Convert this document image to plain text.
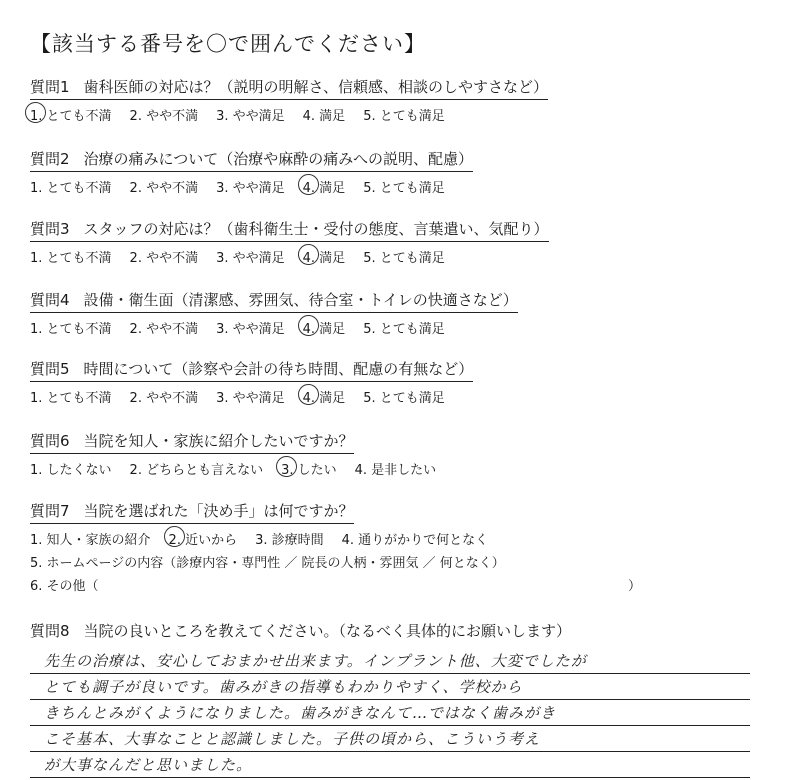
【該当する番号を〇で囲んでください】
質問1 歯科医師の対応は？（説明の明解さ、信頼感、相談のしやすさなど）
1. とても不満 2. やや不満 3. やや満足 4. 満足 5. とても満足
質問2 治療の痛みについて（治療や麻酔の痛みへの説明、配慮）
1. とても不満 2. やや不満 3. やや満足 4. 満足 5. とても満足
質問3 スタッフの対応は？（歯科衛生士・受付の態度、言葉遣い、気配り）
1. とても不満 2. やや不満 3. やや満足 4. 満足 5. とても満足
質問4 設備・衛生面（清潔感、雰囲気、待合室・トイレの快適さなど）
1. とても不満 2. やや不満 3. やや満足 4. 満足 5. とても満足
質問5 時間について（診察や会計の待ち時間、配慮の有無など）
1. とても不満 2. やや不満 3. やや満足 4. 満足 5. とても満足
質問6 当院を知人・家族に紹介したいですか？
1. したくない 2. どちらとも言えない 3. したい 4. 是非したい
質問7 当院を選ばれた「決め手」は何ですか？
1. 知人・家族の紹介 2. 近いから 3. 診療時間 4. 通りがかりで何となく
5. ホームページの内容（診療内容・専門性 ／ 院長の人柄・雰囲気 ／ 何となく）
6. その他（	）
質問8 当院の良いところを教えてください。（なるべく具体的にお願いします）
先生の治療は、安心しておまかせ出来ます。インプラント他、大変でしたが
とても調子が良いです。歯みがきの指導もわかりやすく、学校から
きちんとみがくようになりました。歯みがきなんて…ではなく歯みがき
こそ基本、大事なことと認識しました。子供の頃から、こういう考え
が大事なんだと思いました。
